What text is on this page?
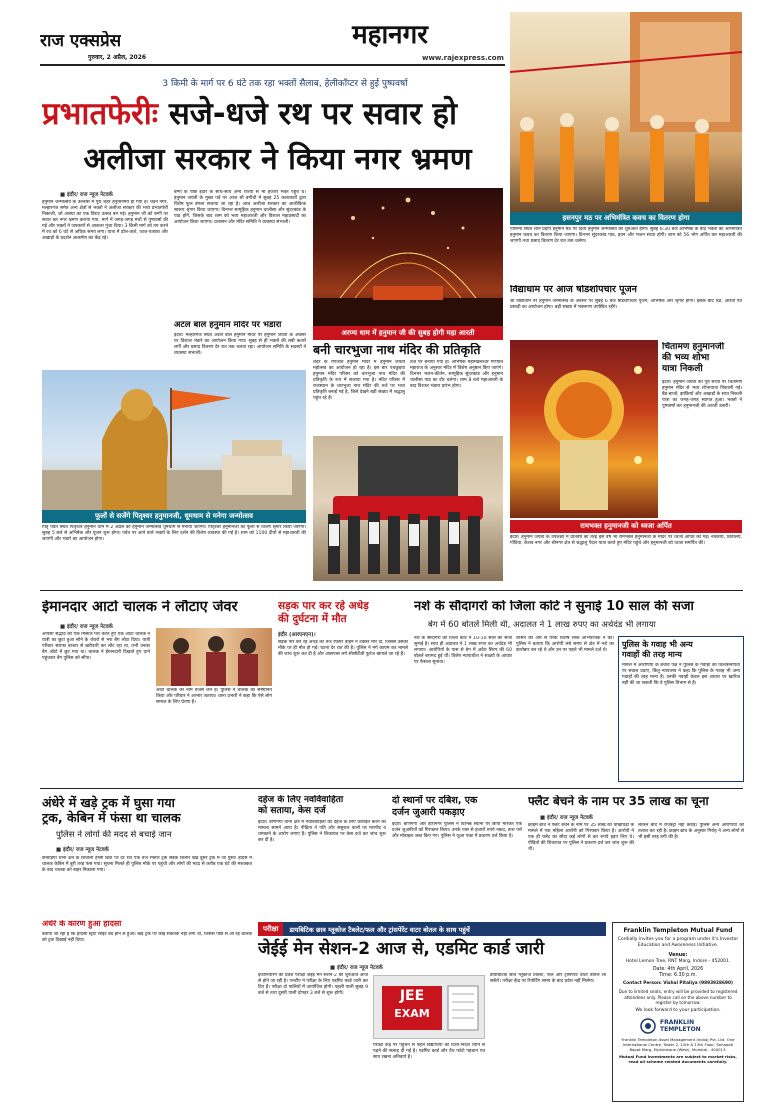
राज एक्सप्रेस
गुरुवार, 2 अप्रैल, 2026
महानगर
www.rajexpress.com
3 किमी के मार्ग पर 6 घंटे तक रहा भक्तों सैलाब, हेलीकॉप्टर से हुई पुष्पवर्षा
प्रभातफेरीः सजे-धजे रथ पर सवार हो
अलीजा सरकार ने किया नगर भ्रमण
■ इंदौर/ राज न्यूज नेटवर्क
हनुमान जन्मोत्सव के उल्लास में पूरा शहर हनुमानमय हो गया है। चंदन नगर, मल्हारगंज समेत अन्य क्षेत्रों से भक्तों ने अलीजा सरकार की भव्य प्रभातफेरी निकाली, जो आस्था का एक विराट उत्सव बन गई। हनुमान जी को बग्गी पर सवार कर नगर भ्रमण कराया गया, मार्ग में जगह-जगह मंचों से पुष्पवर्षा की गई और भक्तों ने जयकारों से आकाश गुंजा दिया। 3 किमी मार्ग को तय करने में रथ को 6 घंटे से अधिक समय लगा। यात्रा में ढोल-ताशे, ध्वज-पताका और अखाड़ों के प्रदर्शन आकर्षण का केंद्र रहे।
बग्गी के पीछे इंदौर के साथ-साथ अन्य राज्यों से भी हजारों भक्त पहुंचे थे। हनुमान जयंती के मुख्य पर्व पर आज श्री बगीची में सुबह 25 कलाकारों द्वारा विशेष फूल बंगला सजाया जा रहा है। आज अलीजा सरकार का आलीकिक स्वरूप श्रृंगार किया जाएगा। दिनभर सामूहिक हनुमान चालीसा और सुंदरकांड के पाठ होंगे, जिसके बाद शाम को भव्य महाआरती और विशाल महाप्रसादी का आयोजन किया जाएगा। प्रशासन और मंदिर समिति ने व्यवस्था संभाली।
अटल बाल हनुमान मंदिर पर भंडारा
इंदौर। मल्हारगंज स्थित अटल बाल हनुमान मंदिर पर हनुमान जयंती के अवसर पर विशाल भंडारे का आयोजन किया गया। सुबह से ही भक्तों की लंबी कतारें लगीं और प्रसाद वितरण देर रात तक चलता रहा। आयोजन समिति के सदस्यों ने व्यवस्था संभाली।
अरण्य धाम में हनुमान जी की सुबह होगी महा आरती
फूलों से सजेंगे पितृश्वर हनुमानजी, धूमधाम से मनेगा जन्मोत्सव
पितृ पर्वत स्थित पितृश्वर हनुमान धाम में 2 अप्रैल को हनुमान जन्मोत्सव धूमधाम से मनाया जाएगा। पितृश्वर हनुमानजी का फूलों से विशेष श्रृंगार किया जाएगा। सुबह 5 बजे से अभिषेक और पूजन शुरू होगा। पर्वत पर आने वाले भक्तों के लिए दर्शन की विशेष व्यवस्था की गई है। शाम को 1100 दीपों से महाआरती की जाएगी और भंडारे का आयोजन होगा।
बनी चारभुजा नाथ मंदिर की प्रतिकृति
शहर के रणजीत हनुमान मंदिर में हनुमान जयंती महोत्सव का आयोजन हो रहा है। इस बार पचकुइया हनुमान मंदिर परिसर को चारभुजा नाथ मंदिर की प्रतिकृति के रूप में सजाया गया है। मंदिर परिसर में राजस्थान के चारभुजा नाथ मंदिर की तर्ज पर भव्य प्रतिकृति बनाई गई है, जिसे देखने बड़ी संख्या में श्रद्धालु पहुंच रहे हैं।
तर्ज पर बनाया गया है। अभिषेक महामंडलेश्वर गणपति महाराज के अनुसार मंदिर में विशेष अनुष्ठान किए जाएंगे। दिनभर भजन-कीर्तन, सामूहिक सुंदरकांड और हनुमान चालीसा पाठ का दौर चलेगा। शाम 8 बजे महाआरती के बाद विशाल भंडारा प्रारंभ होगा।
हसनपुर मठ पर अभिमंत्रित कवच का वितरण होगा
पौर्णिमा स्थित शनि प्रदीप हनुमान मठ पर दिव्य हनुमान जन्मोत्सव की शुरुआत होगी। सुबह 6:30 बजे अभिषेक के बाद भक्तों को अभिमंत्रित हनुमान कवच का वितरण किया जाएगा। दिनभर सुंदरकांड पाठ, हवन और भजन संध्या होगी। शाम को 56 भोग अर्पित कर महाआरती की जाएगी तथा प्रसाद वितरण देर रात तक चलेगा।
विद्याधाम पर आज षोडशोपचार पूजन
श्री विद्याधाम पर हनुमान जन्मोत्सव के अवसर पर सुबह 6 बजे षोडशोपचार पूजन, अभिषेक और श्रृंगार होगा। इसके बाद यज्ञ, आरती एवं प्रसादी का आयोजन होगा। बड़ी संख्या में भक्तगण उपस्थित रहेंगे।
चिंतामण हनुमानजी
की भव्य शोभा
यात्रा निकली
इंदौर। हनुमान जयंती की पूर्व संध्या पर चिंतामण हनुमान मंदिर से भव्य शोभायात्रा निकाली गई। बैंड-बाजों, झांकियों और अखाड़ों के साथ निकली यात्रा का जगह-जगह स्वागत हुआ। भक्तों ने पुष्पवर्षा कर हनुमानजी की आरती उतारी।
रामभक्त हनुमानजी को ध्वजा अर्पित
इंदौर। हनुमान जयंती के उपलक्ष्य में प्रतिवर्ष की तरह इस वर्ष भी रामभक्त हनुमानजी के मंदिर पर ध्वजा अर्पित की गई। नवकार्य, शिवालय, गोंदिया, केशव नगर और श्रीनगर क्षेत्र से श्रद्धालु पैदल यात्रा करते हुए मंदिर पहुंचे और हनुमानजी को ध्वजा समर्पित की।
ईमानदार आटो चालक ने लौटाए जेवर
■ इंदौर/ राज न्यूज नेटवर्क
आपसी सद्भाव की एक मिसाल पेश करते हुए एक ऑटो चालक ने यात्री का छूटा हुआ सोने के जेवरों से भरा बैग लौटा दिया। यात्री परिवार सराफा बाजार से खरीदारी कर लौट रहा था, तभी उनका बैग ऑटो में छूट गया था। चालक ने ईमानदारी दिखाते हुए थाने पहुंचकर बैग पुलिस को सौंपा।
आटो चालक का नाम तेजस जैन है। पुलिस ने चालक को सम्मानित किया और परिवार ने आभार जताया। थाना प्रभारी ने कहा कि ऐसे लोग समाज के लिए प्रेरणा हैं।
सड़क पार कर रहे अधेड़
की दुर्घटना में मौत
इंदौर (आरएनएन)।
सड़क पार कर रहे अधेड़ को तेज रफ्तार वाहन ने टक्कर मार दी, जिससे उसकी मौके पर ही मौत हो गई। घटना देर रात की है। पुलिस ने मर्ग कायम कर मामले की जांच शुरू कर दी है और आसपास लगे सीसीटीवी फुटेज खंगाले जा रहे हैं।
नशे के सौदागरों को जिला कोर्ट ने सुनाई 10 साल की सजा
बेग में 60 बोतलें मिली थी, अदालत ने 1 लाख रुपए का अर्थदंड भी लगाया
नशे के सौदागरों को जिला कोर्ट ने 10-10 साल की सजा सुनाई है। साथ ही अदालत ने 1 लाख रुपए का अर्थदंड भी लगाया। आरोपियों के पास से बेग में अवैध सिरप की 60 बोतलें बरामद हुई थीं। विशेष न्यायाधीश ने साक्ष्यों के आधार पर फैसला सुनाया।
शासन की ओर से पैरवी विशेष लोक अभियोजक ने की। पुलिस ने बताया कि आरोपी लंबे समय से क्षेत्र में नशे का कारोबार कर रहे थे और उन पर पहले भी मामले दर्ज थे।
पुलिस के गवाह भी अन्य
गवाहों की तरह मान्य
मामले में आरोपियों के बचाव पक्ष ने पुलिस के गवाहों की विश्वसनीयता पर सवाल उठाए, किंतु न्यायालय ने कहा कि पुलिस के गवाह भी अन्य गवाहों की तरह मान्य हैं। उनकी गवाही केवल इस आधार पर खारिज नहीं की जा सकती कि वे पुलिस विभाग से हैं।
अंधेरे में खड़े ट्रक में घुसा गया
ट्रक, केबिन में फंसा था चालक
पुलिस ने लोगों की मदद से बचाई जान
■ इंदौर/ राज न्यूज नेटवर्क
कनाड़िया थाना क्षेत्र के बिचौली हप्सी ब्रिज पर देर रात एक तेज रफ्तार ट्रक सड़क किनारे खड़े दूसरे ट्रक में जा घुसा। हादसे में चालक केबिन में बुरी तरह फंस गया। सूचना मिलते ही पुलिस मौके पर पहुंची और लोगों की मदद से करीब एक घंटे की मशक्कत के बाद चालक को बाहर निकाला गया।
अंधेरे के कारण हुआ हादसा
बताया जा रहा है कि हादसा स्ट्रीट लाइट बंद होने से हुआ। खड़े ट्रक पर कोई संकेतक नहीं लगा था, जिससे पीछे से आ रहे चालक को ट्रक दिखाई नहीं दिया।
दहेज के लिए नवविवाहिता
को सताया, केस दर्ज
इंदौर। बाणगंगा थाना क्षेत्र में नवविवाहिता को दहेज के लिए प्रताड़ित करने का मामला सामने आया है। पीड़िता ने पति और ससुराल वालों पर मारपीट व धमकाने के आरोप लगाए हैं। पुलिस ने शिकायत पर केस दर्ज कर जांच शुरू कर दी है।
दो स्थानों पर दबिश, एक
दर्जन जुआरी पकड़ाए
इंदौर। बाणगंगा और हीरानगर पुलिस ने विभिन्न स्थानों पर छापा मारकर एक दर्जन जुआरियों को गिरफ्तार किया। उनके पास से हजारों रुपये नकद, ताश पत्ते और मोबाइल जब्त किए गए। पुलिस ने जुआ एक्ट में प्रकरण दर्ज किया है।
फ्लैट बेचने के नाम पर 35 लाख का चूना
■ इंदौर/ राज न्यूज नेटवर्क
क्राइम ब्रांच ने फ्लैट बेचने के नाम पर 35 लाख की धोखाधड़ी के मामले में एक महिला आरोपी को गिरफ्तार किया है। आरोपी ने एक ही फ्लैट का सौदा कई लोगों से कर रुपये हड़प लिए थे। पीड़ितों की शिकायत पर पुलिस ने प्रकरण दर्ज कर जांच शुरू की थी।
लेकिन बाद में रजिस्ट्री नहीं कराई। पुलिस अन्य आरोपियों की तलाश कर रही है। क्राइम ब्रांच के अनुसार गिरोह ने अन्य लोगों से भी इसी तरह ठगी की है।
परीक्षा	डायबिटिक छात्र ग्लूकोज टैबलेट/फल और ट्रांसपेरेंट वाटर बोतल के साथ पहुंचें
जेईई मेन सेशन-2 आज से, एडमिट कार्ड जारी
■ इंदौर/ राज न्यूज नेटवर्क
इंजीनियरिंग की प्रवेश परीक्षा जेईई मेन सेशन-2 की शुरुआत आज से होने जा रही है। एनटीए ने परीक्षा के लिए एडमिट कार्ड जारी कर दिए हैं। परीक्षा दो पालियों में आयोजित होगी। पहली पाली सुबह 9 बजे से तथा दूसरी पाली दोपहर 3 बजे से शुरू होगी।	JEE
EXAM
परीक्षा केंद्र पर पहुंचने से पहले विद्यार्थियों को दिशा-निर्देश ध्यान से पढ़ने की सलाह दी गई है। एडमिट कार्ड और वैध फोटो पहचान पत्र साथ रखना अनिवार्य है।
डायबिटिक छात्र ग्लूकोज टैबलेट, फल और ट्रांसपेरेंट वाटर बोतल ला सकेंगे। परीक्षा केंद्र पर रिपोर्टिंग समय के बाद प्रवेश नहीं मिलेगा।
Franklin Templeton Mutual Fund
Cordially invites you for a program under it's Investor Education and Awareness Initiative.
Venue:
Hotel Lemon Tree, RNT Marg, Indore - 452001.
Date: 4th April, 2026
Time: 6.30 p.m.
Contact Person: Vishal Pitaliya (9893928690)
Due to limited seats, entry will be provided to registered attendees only. Please call on the above number to register by tomorrow.
We look forward to your participation.
FRANKLIN TEMPLETON
Franklin Templeton Asset Management (India) Pvt. Ltd. One International Centre, Tower 2, 12th & 13th Floor, Senapati Bapat Marg, Elphinstone (West), Mumbai - 400013.
Mutual Fund investments are subject to market risks, read all scheme related documents carefully.
